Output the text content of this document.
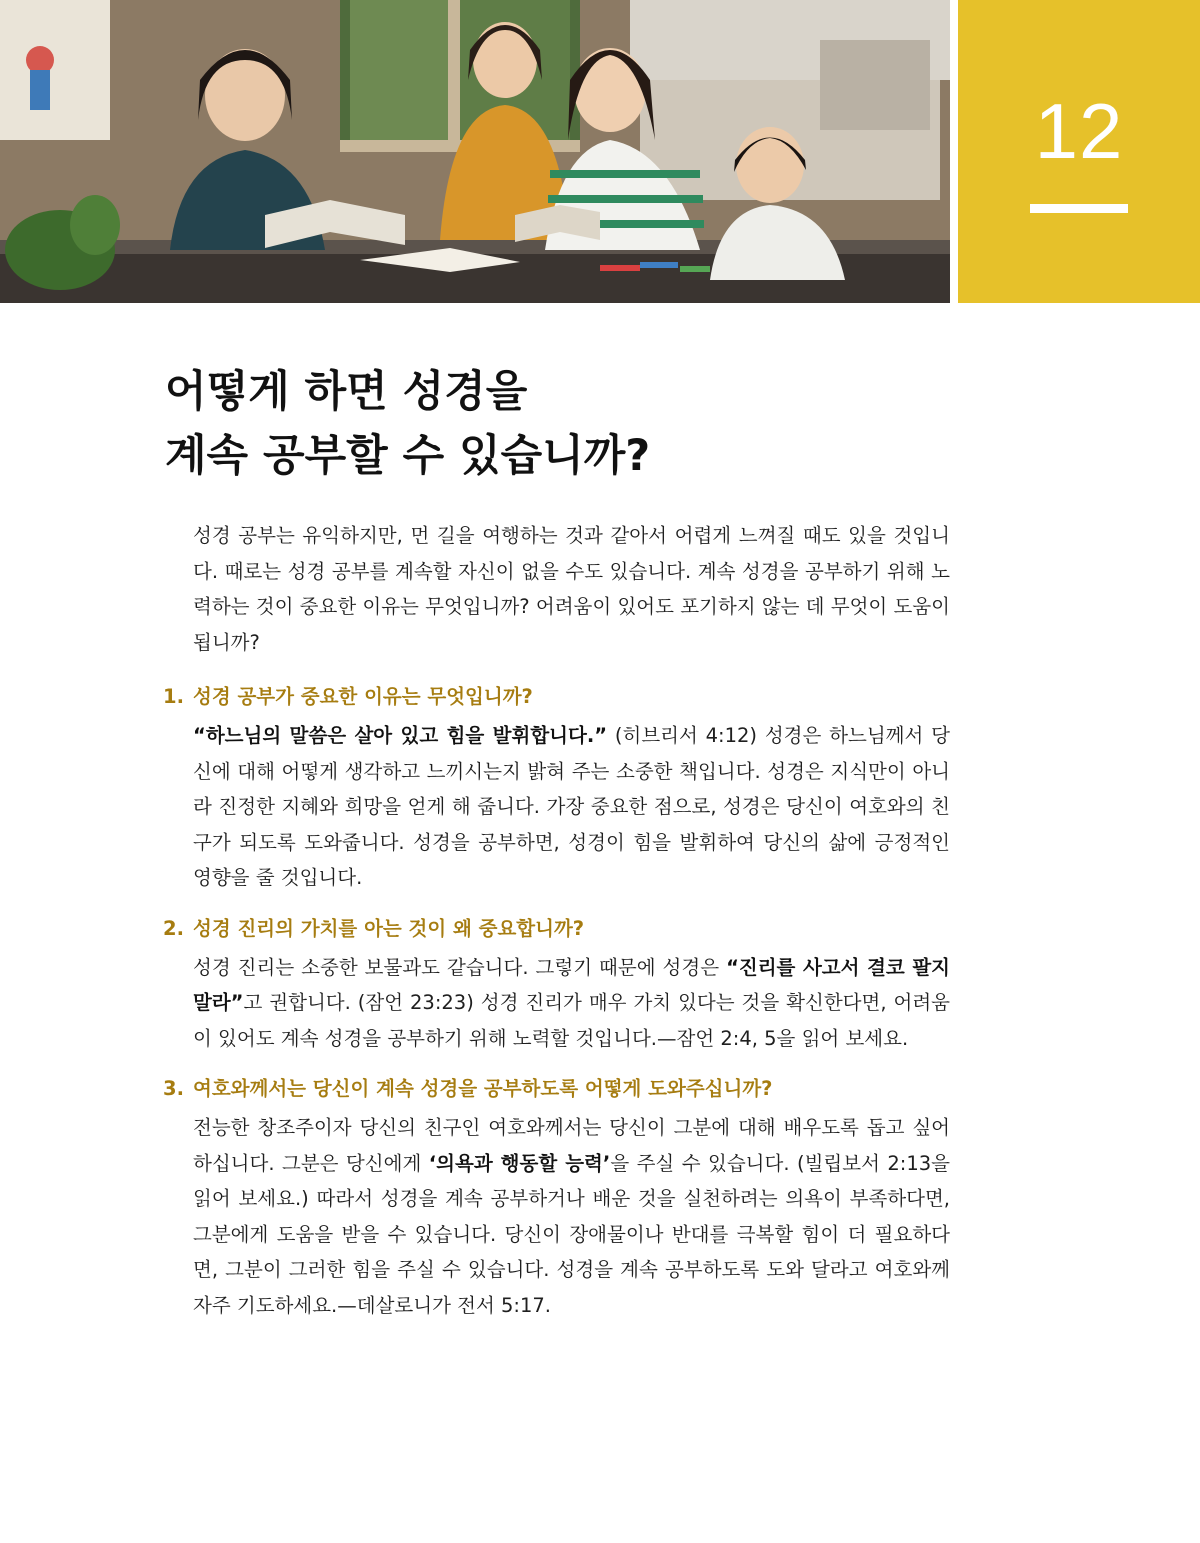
12
어떻게 하면 성경을
계속 공부할 수 있습니까?

성경 공부는 유익하지만, 먼 길을 여행하는 것과 같아서 어렵게 느껴질 때도 있을 것입니다. 때로는 성경 공부를 계속할 자신이 없을 수도 있습니다. 계속 성경을 공부하기 위해 노력하는 것이 중요한 이유는 무엇입니까? 어려움이 있어도 포기하지 않는 데 무엇이 도움이 됩니까?

1. 성경 공부가 중요한 이유는 무엇입니까?

“하느님의 말씀은 살아 있고 힘을 발휘합니다.” (히브리서 4:12) 성경은 하느님께서 당신에 대해 어떻게 생각하고 느끼시는지 밝혀 주는 소중한 책입니다. 성경은 지식만이 아니라 진정한 지혜와 희망을 얻게 해 줍니다. 가장 중요한 점으로, 성경은 당신이 여호와의 친구가 되도록 도와줍니다. 성경을 공부하면, 성경이 힘을 발휘하여 당신의 삶에 긍정적인 영향을 줄 것입니다.

2. 성경 진리의 가치를 아는 것이 왜 중요합니까?

성경 진리는 소중한 보물과도 같습니다. 그렇기 때문에 성경은 “진리를 사고서 결코 팔지 말라”고 권합니다. (잠언 23:23) 성경 진리가 매우 가치 있다는 것을 확신한다면, 어려움이 있어도 계속 성경을 공부하기 위해 노력할 것입니다.—잠언 2:4, 5을 읽어 보세요.

3. 여호와께서는 당신이 계속 성경을 공부하도록 어떻게 도와주십니까?

전능한 창조주이자 당신의 친구인 여호와께서는 당신이 그분에 대해 배우도록 돕고 싶어 하십니다. 그분은 당신에게 ‘의욕과 행동할 능력’을 주실 수 있습니다. (빌립보서 2:13을 읽어 보세요.) 따라서 성경을 계속 공부하거나 배운 것을 실천하려는 의욕이 부족하다면, 그분에게 도움을 받을 수 있습니다. 당신이 장애물이나 반대를 극복할 힘이 더 필요하다면, 그분이 그러한 힘을 주실 수 있습니다. 성경을 계속 공부하도록 도와 달라고 여호와께 자주 기도하세요.—데살로니가 전서 5:17.
